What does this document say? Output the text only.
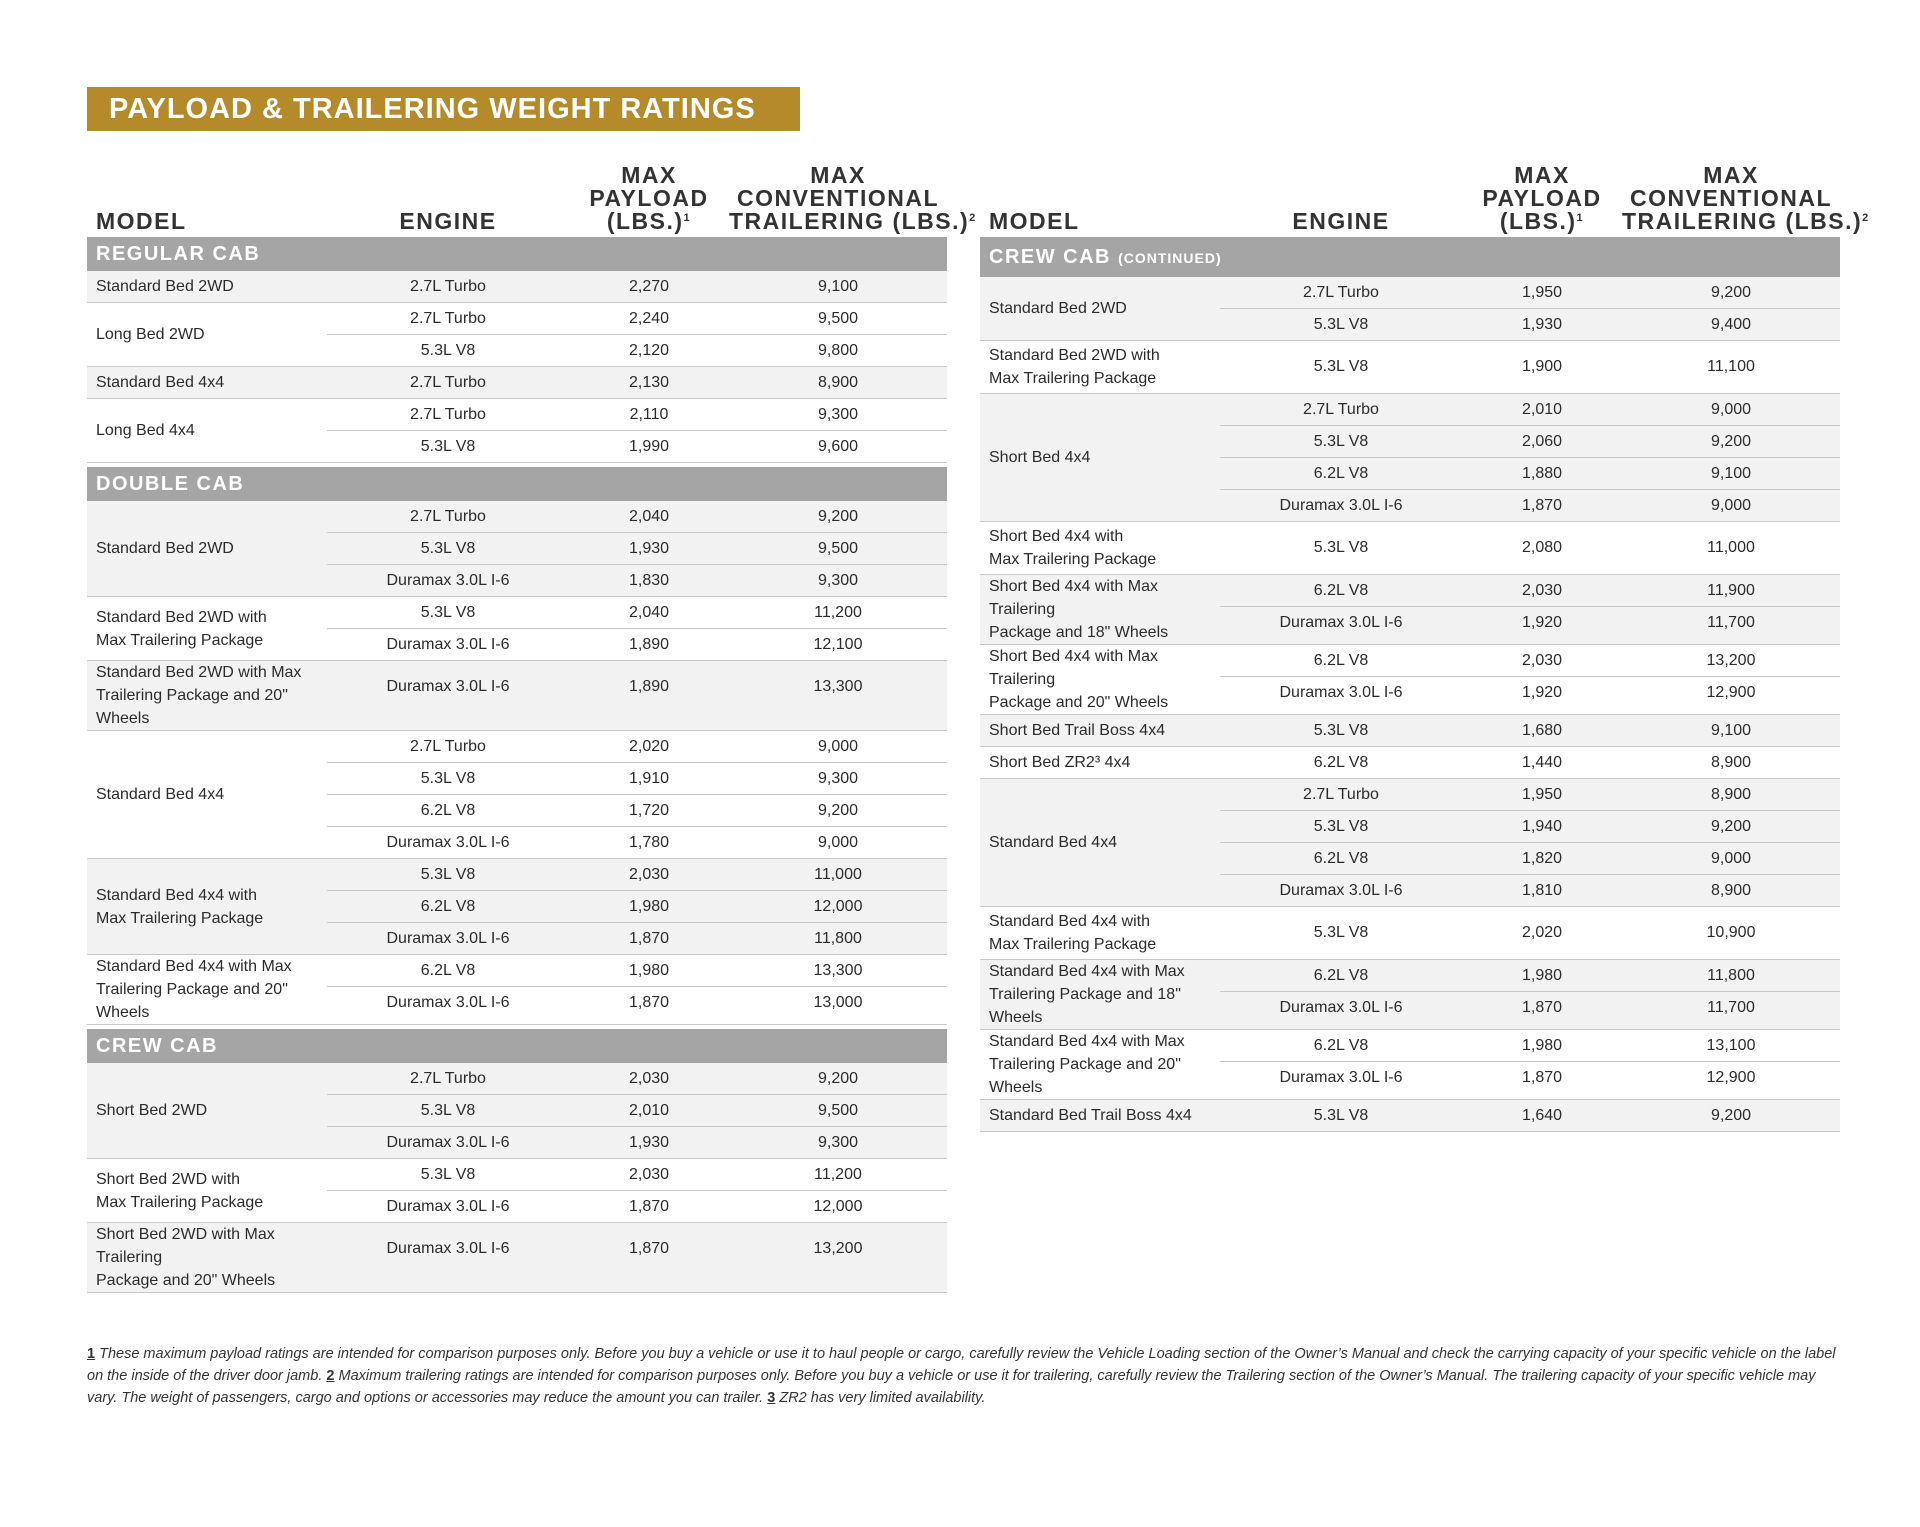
PAYLOAD & TRAILERING WEIGHT RATINGS
MODEL	ENGINE
MAX
PAYLOAD
$(LBS.)^1$
MAX
CONVENTIONAL
TRAILERING $(LBS.)^2$
REGULAR CAB
Standard Bed 2WD	2.7L Turbo	2,270	9,100
Long Bed 2WD
2.7L Turbo	2,240	9,500
5.3L V8	2,120	9,800
Standard Bed 4x4	2.7L Turbo	2,130	8,900
Long Bed 4x4
2.7L Turbo	2,110	9,300
5.3L V8	1,990	9,600
DOUBLE CAB
Standard Bed 2WD
2.7L Turbo	2,040	9,200
5.3L V8	1,930	9,500
Duramax 3.0L I-6	1,830	9,300
Standard Bed 2WD with
Max Trailering Package
5.3L V8	2,040	11,200
Duramax 3.0L I-6	1,890	12,100
Standard Bed 2WD with Max
Trailering Package and 20" Wheels
Duramax 3.0L I-6	1,890	13,300
Standard Bed 4x4
2.7L Turbo	2,020	9,000
5.3L V8	1,910	9,300
6.2L V8	1,720	9,200
Duramax 3.0L I-6	1,780	9,000
Standard Bed 4x4 with
Max Trailering Package
5.3L V8	2,030	11,000
6.2L V8	1,980	12,000
Duramax 3.0L I-6	1,870	11,800
Standard Bed 4x4 with Max
Trailering Package and 20" Wheels
6.2L V8	1,980	13,300
Duramax 3.0L I-6	1,870	13,000
CREW CAB
Short Bed 2WD
2.7L Turbo	2,030	9,200
5.3L V8	2,010	9,500
Duramax 3.0L I-6	1,930	9,300
Short Bed 2WD with
Max Trailering Package
5.3L V8	2,030	11,200
Duramax 3.0L I-6	1,870	12,000
Short Bed 2WD with Max Trailering
Package and 20" Wheels
Duramax 3.0L I-6	1,870	13,200
MODEL	ENGINE
MAX
PAYLOAD
$(LBS.)^1$
MAX
CONVENTIONAL
TRAILERING $(LBS.)^2$
CREW CAB (CONTINUED)
Standard Bed 2WD
2.7L Turbo	1,950	9,200
5.3L V8	1,930	9,400
Standard Bed 2WD with
Max Trailering Package
5.3L V8	1,900	11,100
Short Bed 4x4
2.7L Turbo	2,010	9,000
5.3L V8	2,060	9,200
6.2L V8	1,880	9,100
Duramax 3.0L I-6	1,870	9,000
Short Bed 4x4 with
Max Trailering Package
5.3L V8	2,080	11,000
Short Bed 4x4 with Max Trailering
Package and 18" Wheels
6.2L V8	2,030	11,900
Duramax 3.0L I-6	1,920	11,700
Short Bed 4x4 with Max Trailering
Package and 20" Wheels
6.2L V8	2,030	13,200
Duramax 3.0L I-6	1,920	12,900
Short Bed Trail Boss 4x4	5.3L V8	1,680	9,100
Short Bed ZR2³ 4x4	6.2L V8	1,440	8,900
Standard Bed 4x4
2.7L Turbo	1,950	8,900
5.3L V8	1,940	9,200
6.2L V8	1,820	9,000
Duramax 3.0L I-6	1,810	8,900
Standard Bed 4x4 with
Max Trailering Package
5.3L V8	2,020	10,900
Standard Bed 4x4 with Max
Trailering Package and 18" Wheels
6.2L V8	1,980	11,800
Duramax 3.0L I-6	1,870	11,700
Standard Bed 4x4 with Max
Trailering Package and 20" Wheels
6.2L V8	1,980	13,100
Duramax 3.0L I-6	1,870	12,900
Standard Bed Trail Boss 4x4	5.3L V8	1,640	9,200
1 These maximum payload ratings are intended for comparison purposes only. Before you buy a vehicle or use it to haul people or cargo, carefully review the Vehicle Loading section of the Owner’s Manual and check the carrying capacity of your specific vehicle on the label on the inside of the driver door jamb. 2 Maximum trailering ratings are intended for comparison purposes only. Before you buy a vehicle or use it for trailering, carefully review the Trailering section of the Owner’s Manual. The trailering capacity of your specific vehicle may vary. The weight of passengers, cargo and options or accessories may reduce the amount you can trailer. 3 ZR2 has very limited availability.
